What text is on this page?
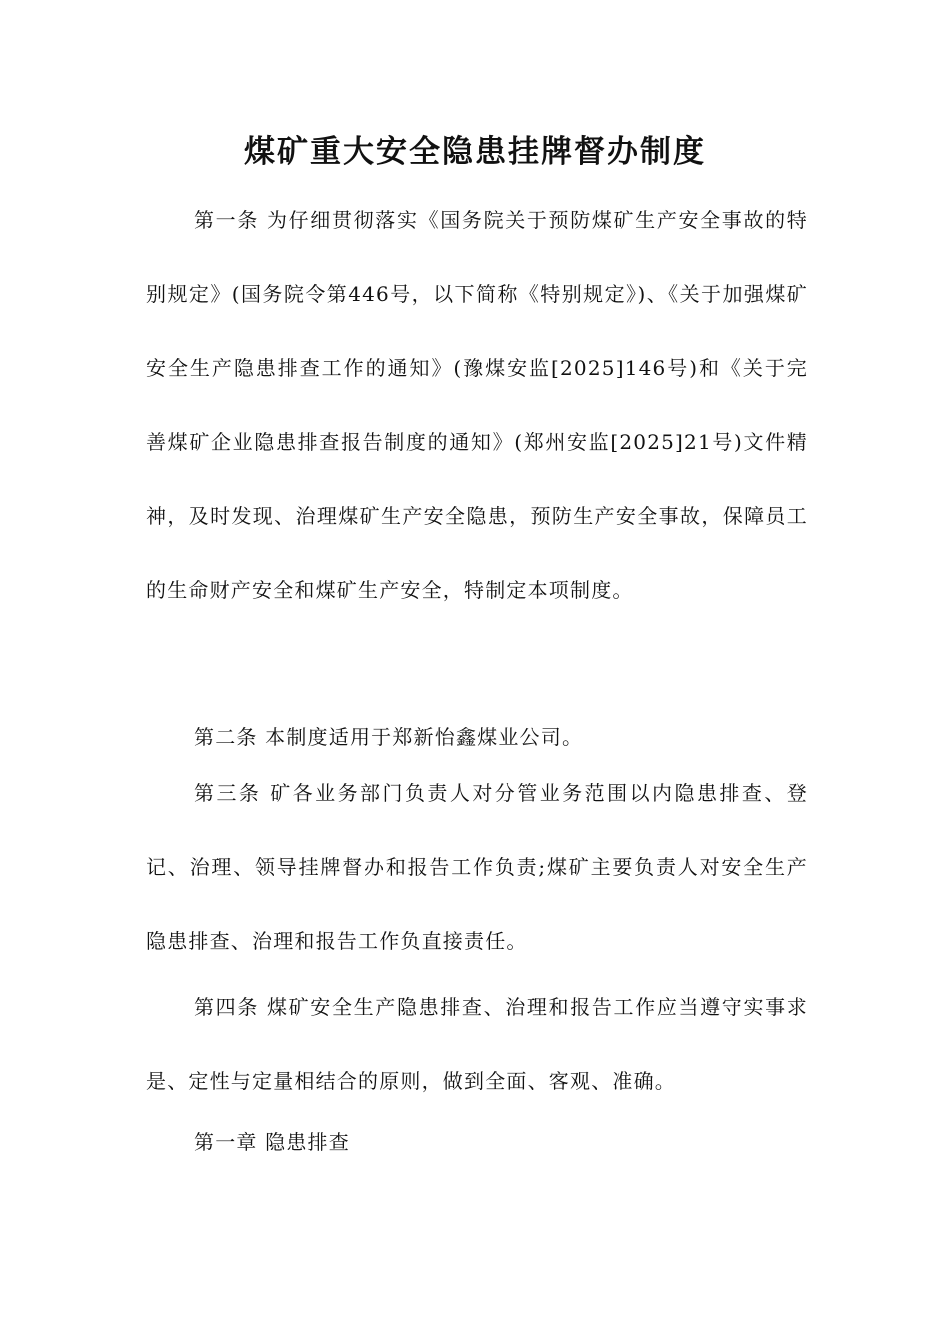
煤矿重大安全隐患挂牌督办制度

第一条 为仔细贯彻落实《国务院关于预防煤矿生产安全事故的特别规定》(国务院令第446号，以下简称《特别规定》)、《关于加强煤矿安全生产隐患排查工作的通知》(豫煤安监[2025]146号)和《关于完善煤矿企业隐患排查报告制度的通知》(郑州安监[2025]21号)文件精神，及时发现、治理煤矿生产安全隐患，预防生产安全事故，保障员工的生命财产安全和煤矿生产安全，特制定本项制度。

第二条 本制度适用于郑新怡鑫煤业公司。

第三条 矿各业务部门负责人对分管业务范围以内隐患排查、登记、治理、领导挂牌督办和报告工作负责;煤矿主要负责人对安全生产隐患排查、治理和报告工作负直接责任。

第四条 煤矿安全生产隐患排查、治理和报告工作应当遵守实事求是、定性与定量相结合的原则，做到全面、客观、准确。

第一章 隐患排查
